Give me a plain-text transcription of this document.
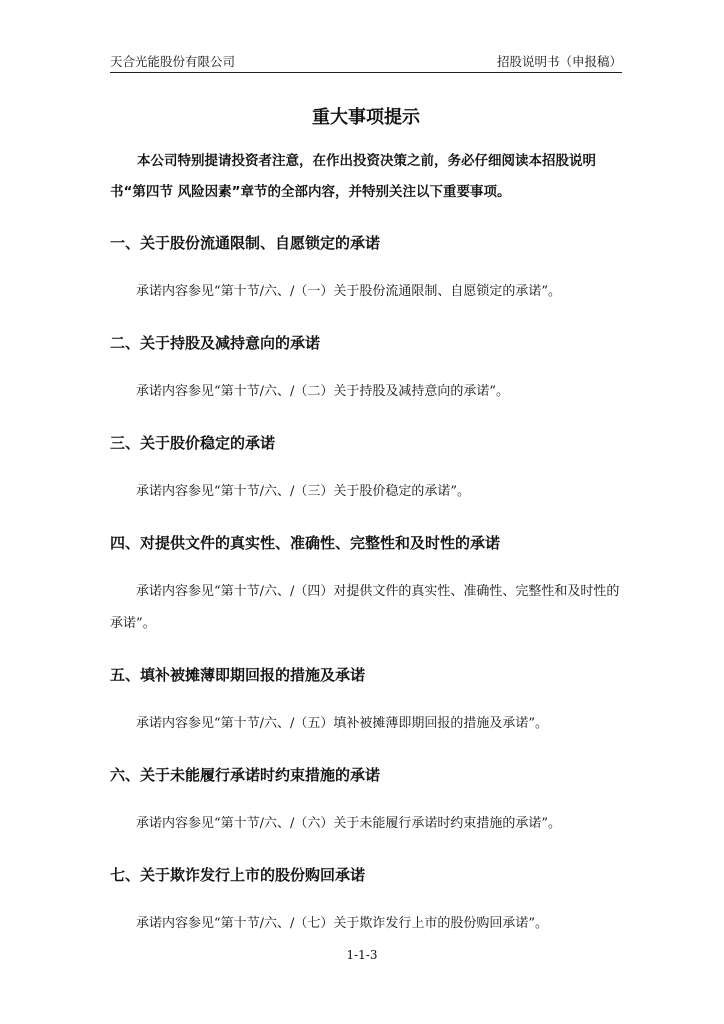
天合光能股份有限公司	招股说明书（申报稿）
重大事项提示

本公司特别提请投资者注意，在作出投资决策之前，务必仔细阅读本招股说明书“第四节 风险因素”章节的全部内容，并特别关注以下重要事项。

一、关于股份流通限制、自愿锁定的承诺

承诺内容参见“第十节/六、/（一）关于股份流通限制、自愿锁定的承诺”。

二、关于持股及减持意向的承诺

承诺内容参见“第十节/六、/（二）关于持股及减持意向的承诺”。

三、关于股价稳定的承诺

承诺内容参见“第十节/六、/（三）关于股价稳定的承诺”。

四、对提供文件的真实性、准确性、完整性和及时性的承诺

承诺内容参见“第十节/六、/（四）对提供文件的真实性、准确性、完整性和及时性的承诺”。

五、填补被摊薄即期回报的措施及承诺

承诺内容参见“第十节/六、/（五）填补被摊薄即期回报的措施及承诺”。

六、关于未能履行承诺时约束措施的承诺

承诺内容参见“第十节/六、/（六）关于未能履行承诺时约束措施的承诺”。

七、关于欺诈发行上市的股份购回承诺

承诺内容参见“第十节/六、/（七）关于欺诈发行上市的股份购回承诺”。

1-1-3
